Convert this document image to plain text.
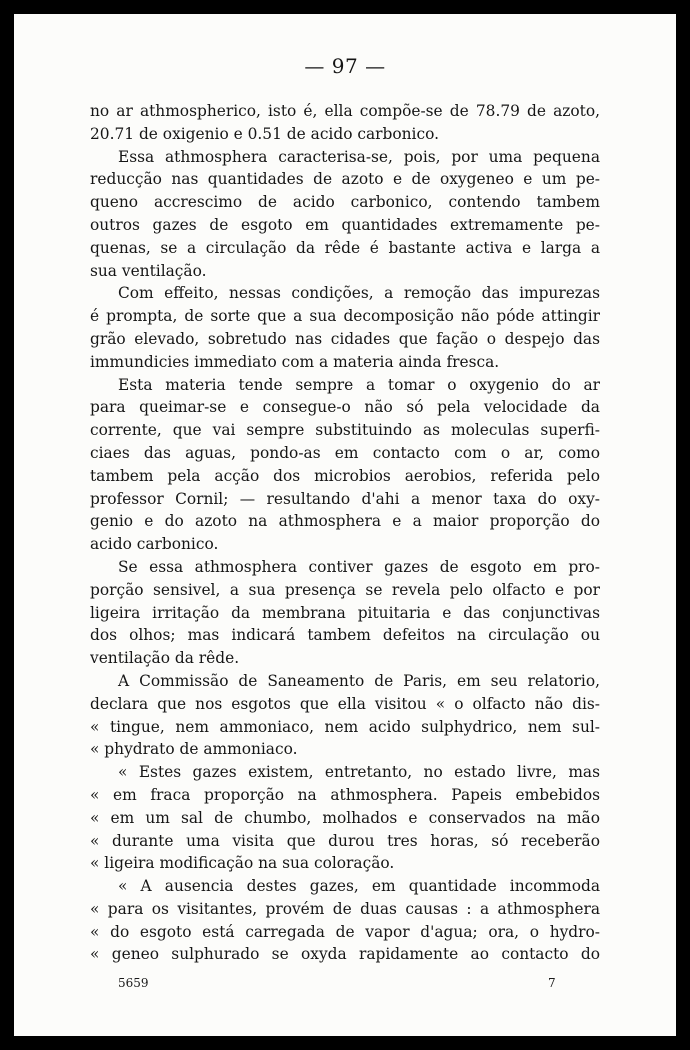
— 97 —
no ar athmospherico, isto é, ella compõe-se de 78.79 de azoto,
20.71 de oxigenio e 0.51 de acido carbonico.
Essa athmosphera caracterisa-se, pois, por uma pequena
reducção nas quantidades de azoto e de oxygeneo e um pe-
queno accrescimo de acido carbonico, contendo tambem
outros gazes de esgoto em quantidades extremamente pe-
quenas, se a circulação da rêde é bastante activa e larga a
sua ventilação.
Com effeito, nessas condições, a remoção das impurezas
é prompta, de sorte que a sua decomposição não póde attingir
grão elevado, sobretudo nas cidades que fação o despejo das
immundicies immediato com a materia ainda fresca.
Esta materia tende sempre a tomar o oxygenio do ar
para queimar-se e consegue-o não só pela velocidade da
corrente, que vai sempre substituindo as moleculas superfi-
ciaes das aguas, pondo-as em contacto com o ar, como
tambem pela acção dos microbios aerobios, referida pelo
professor Cornil; — resultando d'ahi a menor taxa do oxy-
genio e do azoto na athmosphera e a maior proporção do
acido carbonico.
Se essa athmosphera contiver gazes de esgoto em pro-
porção sensivel, a sua presença se revela pelo olfacto e por
ligeira irritação da membrana pituitaria e das conjunctivas
dos olhos; mas indicará tambem defeitos na circulação ou
ventilação da rêde.
A Commissão de Saneamento de Paris, em seu relatorio,
declara que nos esgotos que ella visitou « o olfacto não dis-
« tingue, nem ammoniaco, nem acido sulphydrico, nem sul-
« phydrato de ammoniaco.
« Estes gazes existem, entretanto, no estado livre, mas
« em fraca proporção na athmosphera. Papeis embebidos
« em um sal de chumbo, molhados e conservados na mão
« durante uma visita que durou tres horas, só receberão
« ligeira modificação na sua coloração.
« A ausencia destes gazes, em quantidade incommoda
« para os visitantes, provém de duas causas : a athmosphera
« do esgoto está carregada de vapor d'agua; ora, o hydro-
« geneo sulphurado se oxyda rapidamente ao contacto do
5659	7
